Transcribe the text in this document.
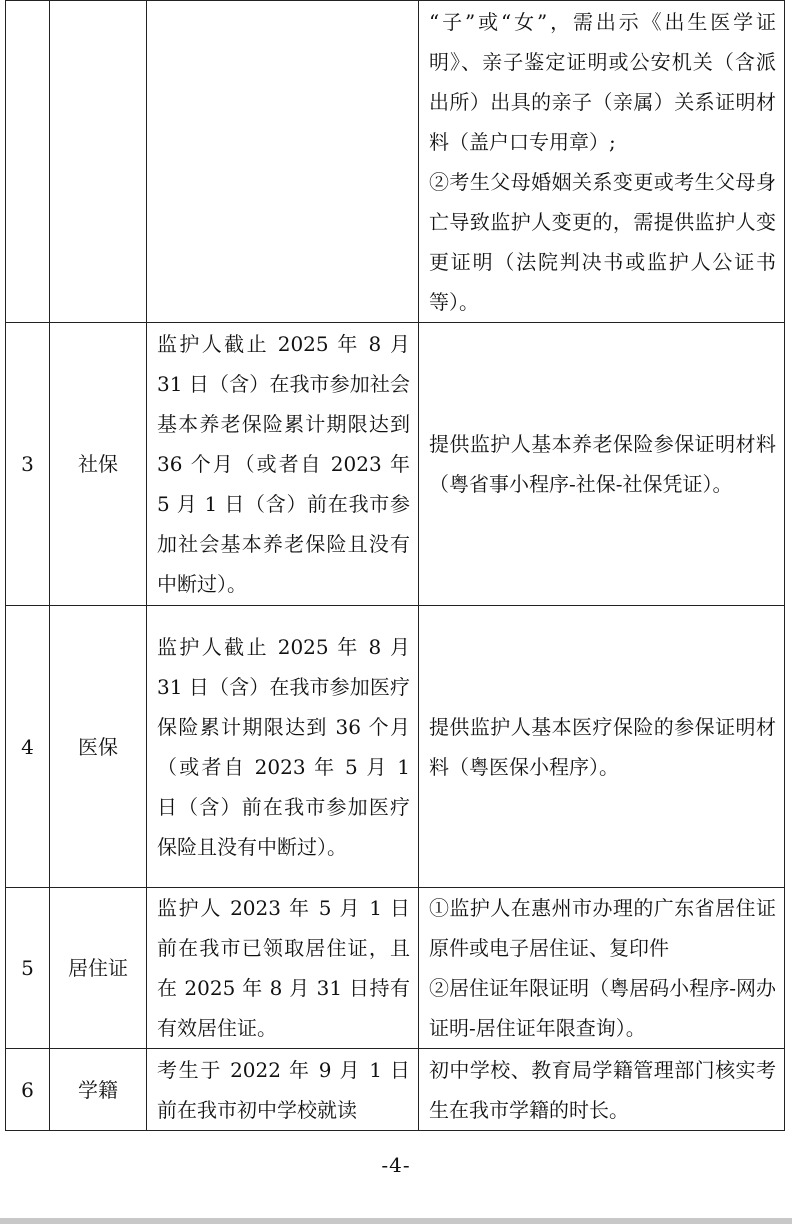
			“子”或“女”，需出示《出生医学证明》、亲子鉴定证明或公安机关（含派出所）出具的亲子（亲属）关系证明材料（盖户口专用章）;
②考生父母婚姻关系变更或考生父母身亡导致监护人变更的，需提供监护人变更证明（法院判决书或监护人公证书等）。

3	社保	监护人截止 2025 年 8 月 31 日（含）在我市参加社会基本养老保险累计期限达到 36 个月（或者自 2023 年 5 月 1 日（含）前在我市参加社会基本养老保险且没有中断过）。	提供监护人基本养老保险参保证明材料（粤省事小程序-社保-社保凭证）。

4	医保	监护人截止 2025 年 8 月 31 日（含）在我市参加医疗保险累计期限达到 36 个月（或者自 2023 年 5 月 1 日（含）前在我市参加医疗保险且没有中断过）。	提供监护人基本医疗保险的参保证明材料（粤医保小程序）。

5	居住证	监护人 2023 年 5 月 1 日前在我市已领取居住证，且在 2025 年 8 月 31 日持有有效居住证。	①监护人在惠州市办理的广东省居住证原件或电子居住证、复印件
②居住证年限证明（粤居码小程序-网办证明-居住证年限查询）。

6	学籍	考生于 2022 年 9 月 1 日前在我市初中学校就读	初中学校、教育局学籍管理部门核实考生在我市学籍的时长。
-4-
